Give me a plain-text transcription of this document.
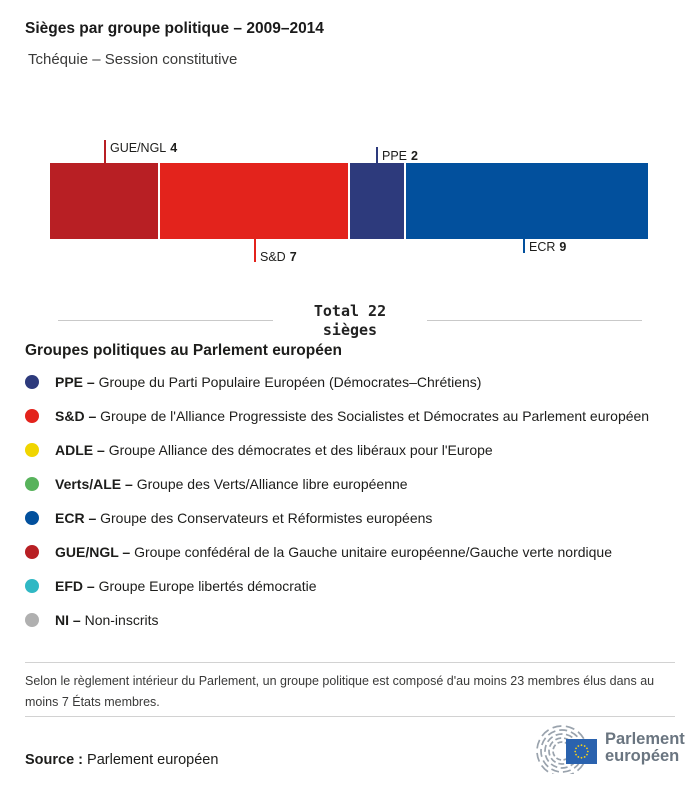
Sièges par groupe politique – 2009–2014
Tchéquie – Session constitutive
GUE/NGL 4
PPE 2
S&D 7
ECR 9
Total 22
sièges
Groupes politiques au Parlement européen
PPE – Groupe du Parti Populaire Européen (Démocrates–Chrétiens)
S&D – Groupe de l'Alliance Progressiste des Socialistes et Démocrates au Parlement européen
ADLE – Groupe Alliance des démocrates et des libéraux pour l'Europe
Verts/ALE – Groupe des Verts/Alliance libre européenne
ECR – Groupe des Conservateurs et Réformistes européens
GUE/NGL – Groupe confédéral de la Gauche unitaire européenne/Gauche verte nordique
EFD – Groupe Europe libertés démocratie
NI – Non-inscrits

Selon le règlement intérieur du Parlement, un groupe politique est composé d'au moins 23 membres élus dans au moins 7 États membres.

Source : Parlement européen

Parlement
européen
